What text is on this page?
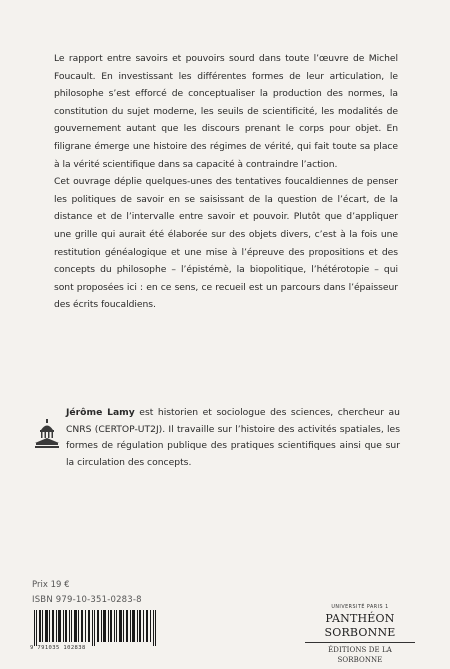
Le rapport entre savoirs et pouvoirs sourd dans toute l’œuvre de Michel Foucault. En investissant les différentes formes de leur articulation, le philosophe s’est efforcé de conceptualiser la production des normes, la constitution du sujet moderne, les seuils de scientificité, les modalités de gouvernement autant que les discours prenant le corps pour objet. En filigrane émerge une histoire des régimes de vérité, qui fait toute sa place à la vérité scientifique dans sa capacité à contraindre l’action.

Cet ouvrage déplie quelques-unes des tentatives foucaldiennes de penser les politiques de savoir en se saisissant de la question de l’écart, de la distance et de l’intervalle entre savoir et pouvoir. Plutôt que d’appliquer une grille qui aurait été élaborée sur des objets divers, c’est à la fois une restitution généalogique et une mise à l’épreuve des propositions et des concepts du philosophe – l’épistémè, la biopolitique, l’hétérotopie – qui sont proposées ici : en ce sens, ce recueil est un parcours dans l’épaisseur des écrits foucaldiens.

Jérôme Lamy est historien et sociologue des sciences, chercheur au CNRS (CERTOP-UT2J). Il travaille sur l’histoire des activités spatiales, les formes de régulation publique des pratiques scientifiques ainsi que sur la circulation des concepts.
Prix 19 €
ISBN 979-10-351-0283-8
9 791035 102838
UNIVERSITÉ PARIS 1
PANTHÉON SORBONNE
ÉDITIONS DE LA SORBONNE
